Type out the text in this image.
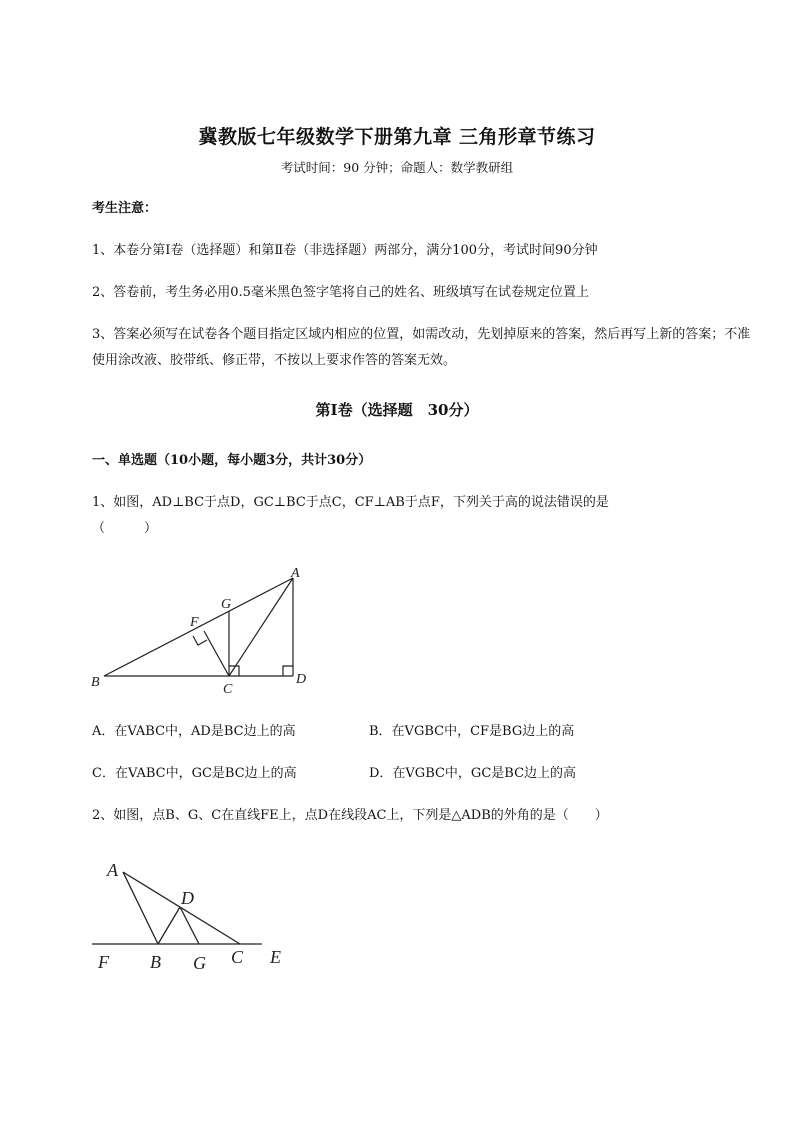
冀教版七年级数学下册第九章 三角形章节练习
考试时间：90 分钟；命题人：数学教研组
考生注意：
1、本卷分第Ⅰ卷（选择题）和第Ⅱ卷（非选择题）两部分，满分100分，考试时间90分钟
2、答卷前，考生务必用0.5毫米黑色签字笔将自己的姓名、班级填写在试卷规定位置上
3、答案必须写在试卷各个题目指定区域内相应的位置，如需改动，先划掉原来的答案，然后再写上新的答案；不准使用涂改液、胶带纸、修正带，不按以上要求作答的答案无效。
第Ⅰ卷（选择题　30分）
一、单选题（10小题，每小题3分，共计30分）
1、如图，AD⊥BC于点D，GC⊥BC于点C，CF⊥AB于点F，下列关于高的说法错误的是
（　　　）
A
B	C
D
F
G
A．在VABC中，AD是BC边上的高	B．在VGBC中，CF是BG边上的高
C．在VABC中，GC是BC边上的高	D．在VGBC中，GC是BC边上的高
2、如图，点B、G、C在直线FE上，点D在线段AC上，下列是△ADB的外角的是（　　）
A
D
F B G C E
